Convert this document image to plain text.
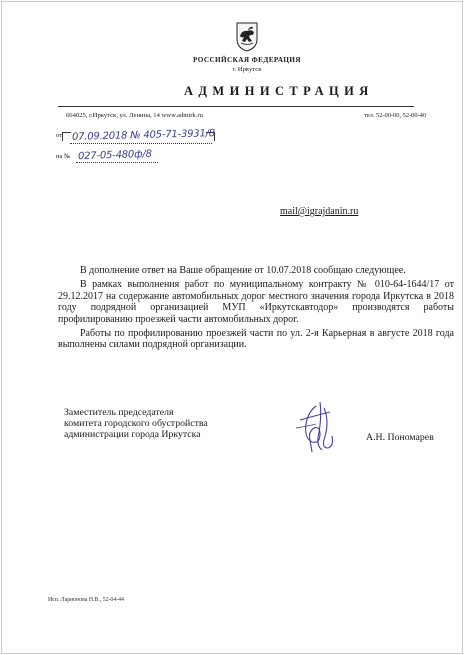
РОССИЙСКАЯ ФЕДЕРАЦИЯ
г. Иркутск
АДМИНИСТРАЦИЯ
664025, г.Иркутск, ул. Ленина, 14 www.admirk.ru	тел. 52-00-00, 52-00-40
от 07.09.2018 № 405-71-3931/8
на № 027-05-480ф/8
mail@igrajdanin.ru

В дополнение ответ на Ваше обращение от 10.07.2018 сообщаю следующее.

В рамках выполнения работ по муниципальному контракту № 010-64-1644/17 от 29.12.2017 на содержание автомобильных дорог местного значения города Иркутска в 2018 году подрядной организацией МУП «Иркутскавтодор» производятся работы профилированию проезжей части автомобильных дорог.

Работы по профилированию проезжей части по ул. 2-я Карьерная в августе 2018 года выполнены силами подрядной организации.

Заместитель председателя
комитета городского обустройства
администрации города Иркутска	А.Н. Пономарев
Исп. Ларионова Н.В., 52-04-44
